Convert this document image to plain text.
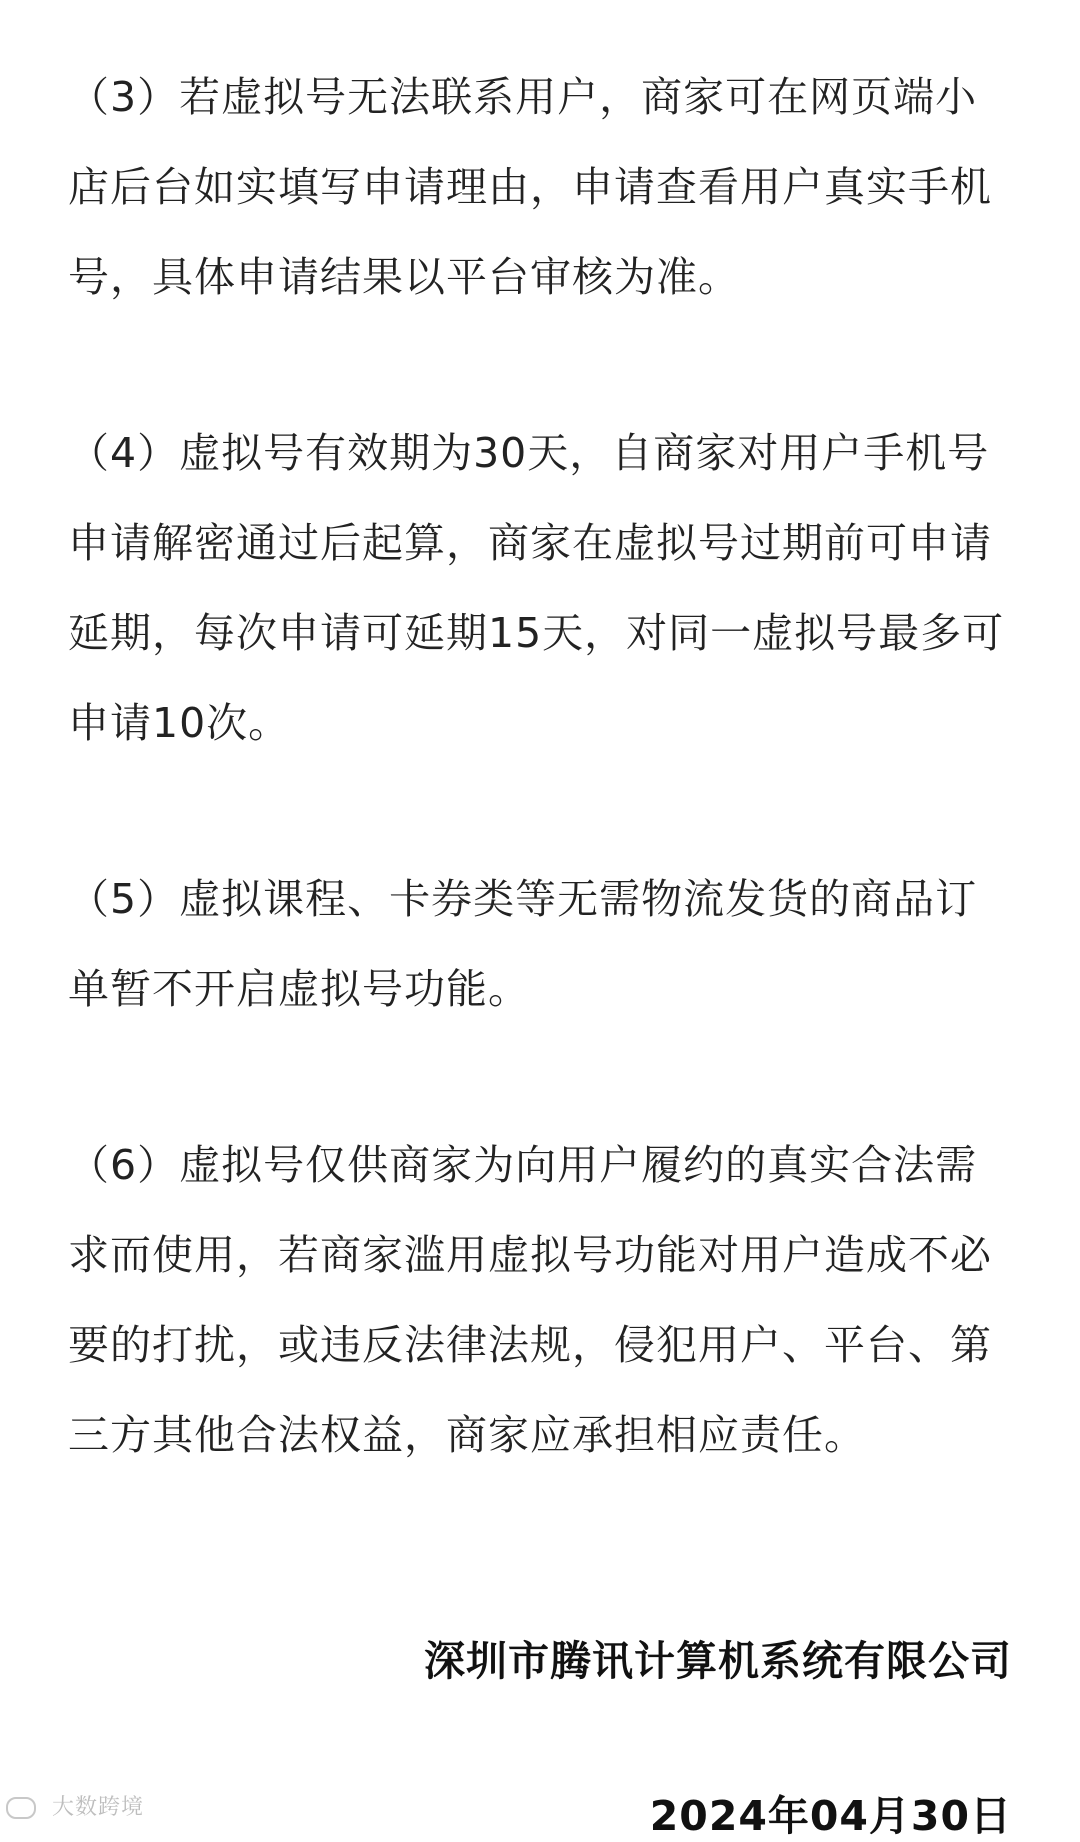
（3）若虚拟号无法联系用户，商家可在网页端小店后台如实填写申请理由，申请查看用户真实手机号，具体申请结果以平台审核为准。

（4）虚拟号有效期为30天，自商家对用户手机号申请解密通过后起算，商家在虚拟号过期前可申请延期，每次申请可延期15天，对同一虚拟号最多可申请10次。

（5）虚拟课程、卡券类等无需物流发货的商品订单暂不开启虚拟号功能。

（6）虚拟号仅供商家为向用户履约的真实合法需求而使用，若商家滥用虚拟号功能对用户造成不必要的打扰，或违反法律法规，侵犯用户、平台、第三方其他合法权益，商家应承担相应责任。

深圳市腾讯计算机系统有限公司
2024年04月30日
大数跨境
